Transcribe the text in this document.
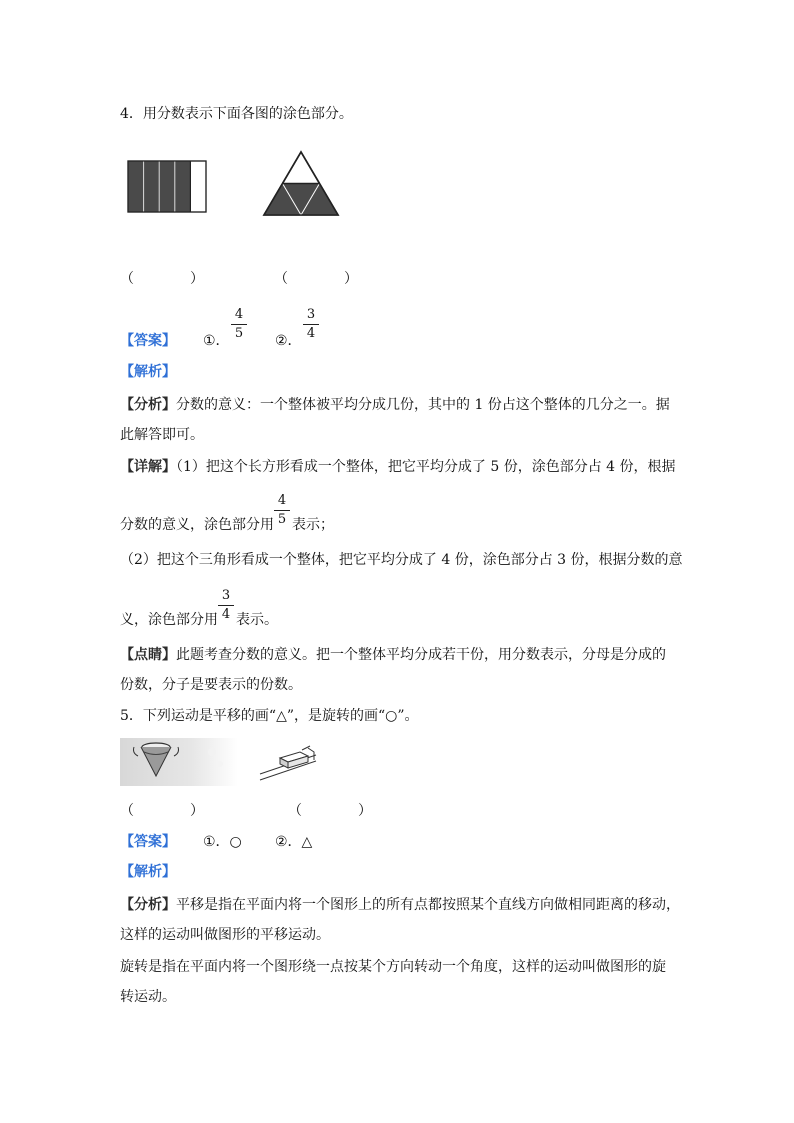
4．用分数表示下面各图的涂色部分。
（　　　　）	（　　　　）
【答案】 ①．
4
5 ②．
3
4
【解析】
【分析】分数的意义：一个整体被平均分成几份，其中的 1 份占这个整体的几分之一。据
此解答即可。
【详解】（1）把这个长方形看成一个整体，把它平均分成了 5 份，涂色部分占 4 份，根据
分数的意义，涂色部分用 表示；
4
5
（2）把这个三角形看成一个整体，把它平均分成了 4 份，涂色部分占 3 份，根据分数的意
义，涂色部分用 表示。
3
4
【点睛】此题考查分数的意义。把一个整体平均分成若干份，用分数表示，分母是分成的
份数，分子是要表示的份数。
5．下列运动是平移的画“△”，是旋转的画“○”。
（　　　　）	（　　　　）
【答案】 ①．○ ②．△
【解析】
【分析】平移是指在平面内将一个图形上的所有点都按照某个直线方向做相同距离的移动，
这样的运动叫做图形的平移运动。
旋转是指在平面内将一个图形绕一点按某个方向转动一个角度，这样的运动叫做图形的旋
转运动。
